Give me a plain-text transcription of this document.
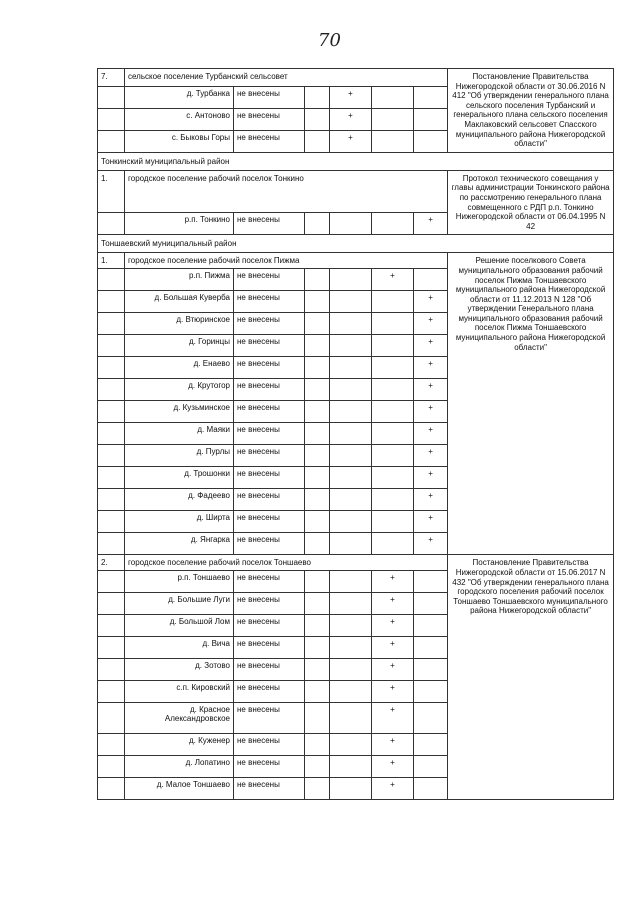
70
7.	сельское поселение Турбанский сельсовет						Постановление Правительства Нижегородской области от 30.06.2016 N 412 "Об утверждении генерального плана сельского поселения Турбанский и генерального плана сельского поселения Маклаковский сельсовет Спасского муниципального района Нижегородской области"
	д. Турбанка	не внесены		+			
	с. Антоново	не внесены		+			
	с. Быковы Горы	не внесены		+			
Тонкинский муниципальный район							
1.	городское поселение рабочий поселок Тонкино						Протокол технического совещания у главы администрации Тонкинского района по рассмотрению генерального плана совмещенного с РДП р.п. Тонкино Нижегородской области от 06.04.1995 N 42
	р.п. Тонкино	не внесены				+	
Тоншаевский муниципальный район							
1.	городское поселение рабочий поселок Пижма						Решение поселкового Совета муниципального образования рабочий поселок Пижма Тоншаевского муниципального района Нижегородской области от 11.12.2013 N 128 "Об утверждении Генерального плана муниципального образования рабочий поселок Пижма Тоншаевского муниципального района Нижегородской области"
	р.п. Пижма	не внесены			+		
	д. Большая Куверба	не внесены				+	
	д. Втюринское	не внесены				+	
	д. Горинцы	не внесены				+	
	д. Енаево	не внесены				+	
	д. Крутогор	не внесены				+	
	д. Кузьминское	не внесены				+	
	д. Маяки	не внесены				+	
	д. Пурлы	не внесены				+	
	д. Трошонки	не внесены				+	
	д. Фадеево	не внесены				+	
	д. Ширта	не внесены				+	
	д. Янгарка	не внесены				+	
2.	городское поселение рабочий поселок Тоншаево						Постановление Правительства Нижегородской области от 15.06.2017 N 432 "Об утверждении генерального плана городского поселения рабочий поселок Тоншаево Тоншаевского муниципального района Нижегородской области"
	р.п. Тоншаево	не внесены			+		
	д. Большие Луги	не внесены			+		
	д. Большой Лом	не внесены			+		
	д. Вича	не внесены			+		
	д. Зотово	не внесены			+		
	с.п. Кировский	не внесены			+		
	д. Красное Александровское	не внесены			+		
	д. Куженер	не внесены			+		
	д. Лопатино	не внесены			+		
	д. Малое Тоншаево	не внесены			+		
